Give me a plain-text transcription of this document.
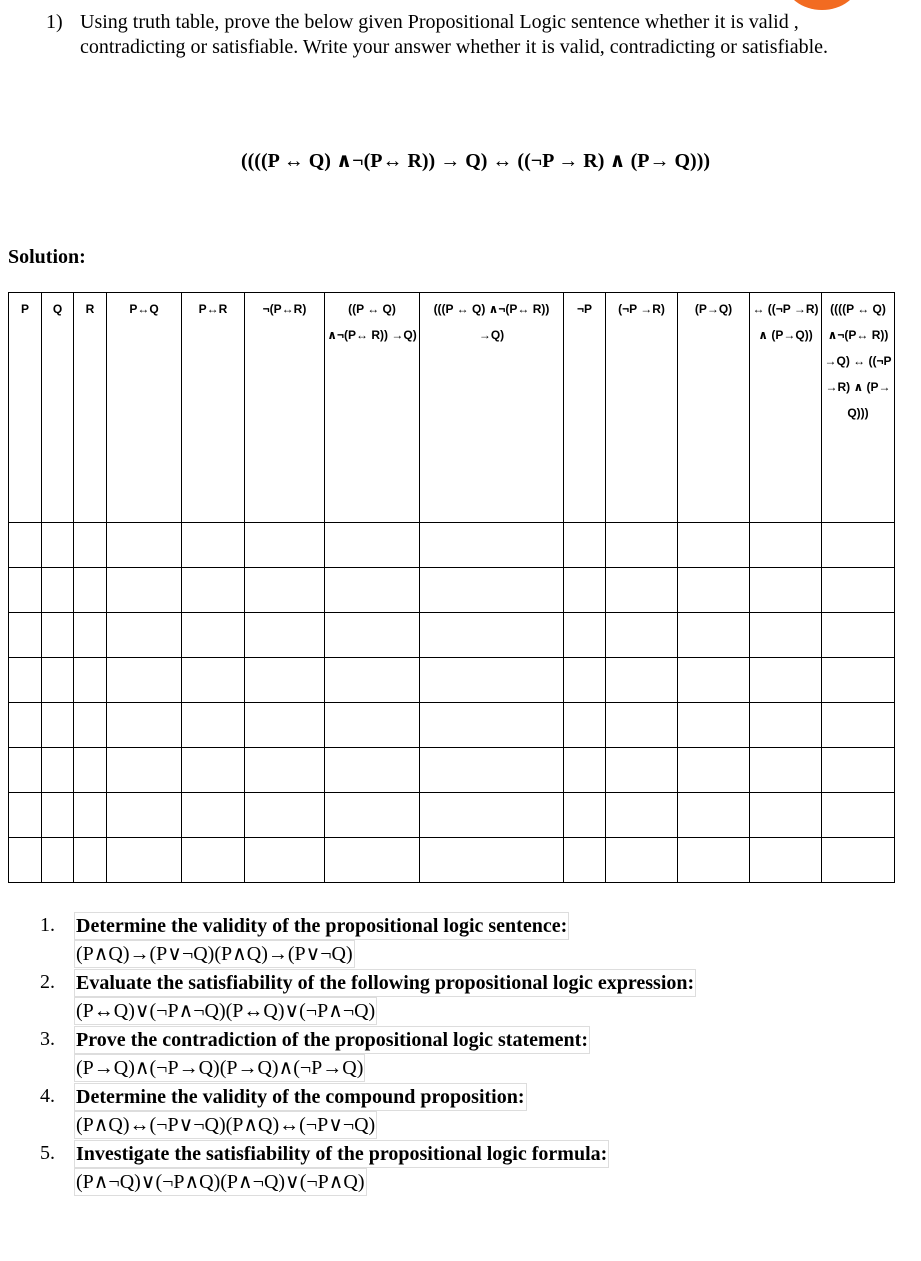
1) Using truth table, prove the below given Propositional Logic sentence whether it is valid , contradicting or satisfiable. Write your answer whether it is valid, contradicting or satisfiable.
((((P ↔ Q) ∧¬(P↔ R)) → Q) ↔ ((¬P → R) ∧ (P→ Q)))
Solution:
P	Q	R	P↔Q	P↔R	¬(P↔R)	((P ↔ Q) ∧¬(P↔ R)) →Q)	(((P ↔ Q) ∧¬(P↔ R)) →Q)	¬P	(¬P →R)	(P→Q)	↔ ((¬P →R) ∧ (P→Q))	((((P ↔ Q) ∧¬(P↔ R)) →Q) ↔ ((¬P →R) ∧ (P→ Q)))

1. Determine the validity of the propositional logic sentence:
(P∧Q)→(P∨¬Q)(P∧Q)→(P∨¬Q)
2. Evaluate the satisfiability of the following propositional logic expression:
(P↔Q)∨(¬P∧¬Q)(P↔Q)∨(¬P∧¬Q)
3. Prove the contradiction of the propositional logic statement:
(P→Q)∧(¬P→Q)(P→Q)∧(¬P→Q)
4. Determine the validity of the compound proposition:
(P∧Q)↔(¬P∨¬Q)(P∧Q)↔(¬P∨¬Q)
5. Investigate the satisfiability of the propositional logic formula:
(P∧¬Q)∨(¬P∧Q)(P∧¬Q)∨(¬P∧Q)
